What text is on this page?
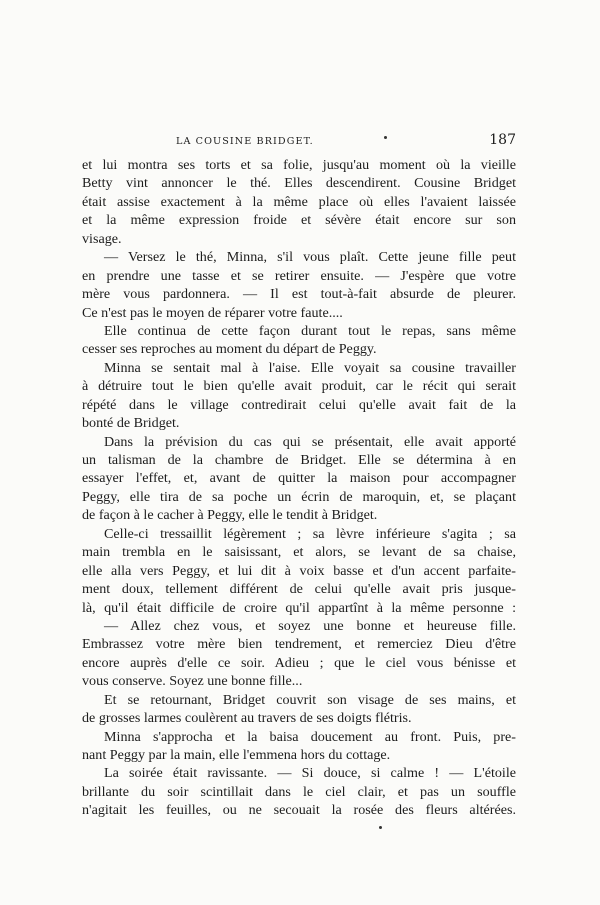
LA COUSINE BRIDGET.	187
et lui montra ses torts et sa folie, jusqu'au moment où la vieille
Betty vint annoncer le thé. Elles descendirent. Cousine Bridget
était assise exactement à la même place où elles l'avaient laissée
et la même expression froide et sévère était encore sur son
visage.
— Versez le thé, Minna, s'il vous plaît. Cette jeune fille peut
en prendre une tasse et se retirer ensuite. — J'espère que votre
mère vous pardonnera. — Il est tout-à-fait absurde de pleurer.
Ce n'est pas le moyen de réparer votre faute....
Elle continua de cette façon durant tout le repas, sans même
cesser ses reproches au moment du départ de Peggy.
Minna se sentait mal à l'aise. Elle voyait sa cousine travailler
à détruire tout le bien qu'elle avait produit, car le récit qui serait
répété dans le village contredirait celui qu'elle avait fait de la
bonté de Bridget.
Dans la prévision du cas qui se présentait, elle avait apporté
un talisman de la chambre de Bridget. Elle se détermina à en
essayer l'effet, et, avant de quitter la maison pour accompagner
Peggy, elle tira de sa poche un écrin de maroquin, et, se plaçant
de façon à le cacher à Peggy, elle le tendit à Bridget.
Celle-ci tressaillit légèrement ; sa lèvre inférieure s'agita ; sa
main trembla en le saisissant, et alors, se levant de sa chaise,
elle alla vers Peggy, et lui dit à voix basse et d'un accent parfaite-
ment doux, tellement différent de celui qu'elle avait pris jusque-
là, qu'il était difficile de croire qu'il appartînt à la même personne :
— Allez chez vous, et soyez une bonne et heureuse fille.
Embrassez votre mère bien tendrement, et remerciez Dieu d'être
encore auprès d'elle ce soir. Adieu ; que le ciel vous bénisse et
vous conserve. Soyez une bonne fille...
Et se retournant, Bridget couvrit son visage de ses mains, et
de grosses larmes coulèrent au travers de ses doigts flétris.
Minna s'approcha et la baisa doucement au front. Puis, pre-
nant Peggy par la main, elle l'emmena hors du cottage.
La soirée était ravissante. — Si douce, si calme ! — L'étoile
brillante du soir scintillait dans le ciel clair, et pas un souffle
n'agitait les feuilles, ou ne secouait la rosée des fleurs altérées.
